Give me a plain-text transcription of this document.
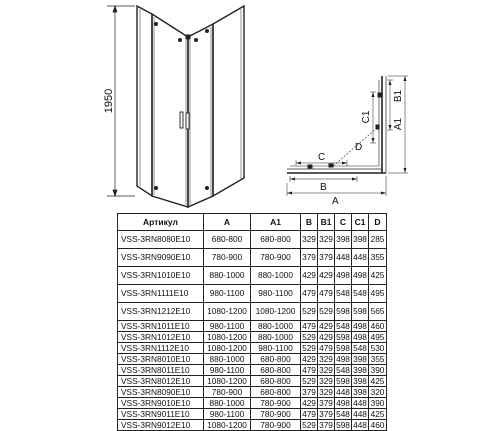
1950
C
D
B
A
C1
B1
A1
Артикул	A	A1	B	B1	C	C1	D
VSS-3RN8080E10	680-800	680-800	329	329	398	398	285
VSS-3RN9090E10	780-900	780-900	379	379	448	448	355
VSS-3RN1010E10	880-1000	880-1000	429	429	498	498	425
VSS-3RN1111E10	980-1100	980-1100	479	479	548	548	495
VSS-3RN1212E10	1080-1200	1080-1200	529	529	598	598	565
VSS-3RN1011E10	980-1100	880-1000	479	429	548	498	460
VSS-3RN1012E10	1080-1200	880-1000	529	429	598	498	495
VSS-3RN1112E10	1080-1200	980-1100	529	479	598	548	530
VSS-3RN8010E10	880-1000	680-800	429	329	498	398	355
VSS-3RN8011E10	980-1100	680-800	479	329	548	398	390
VSS-3RN8012E10	1080-1200	680-800	529	329	598	398	425
VSS-3RN8090E10	780-900	680-800	379	329	448	398	320
VSS-3RN9010E10	880-1000	780-900	429	379	498	448	390
VSS-3RN9011E10	980-1100	780-900	479	379	548	448	425
VSS-3RN9012E10	1080-1200	780-900	529	379	598	448	460
